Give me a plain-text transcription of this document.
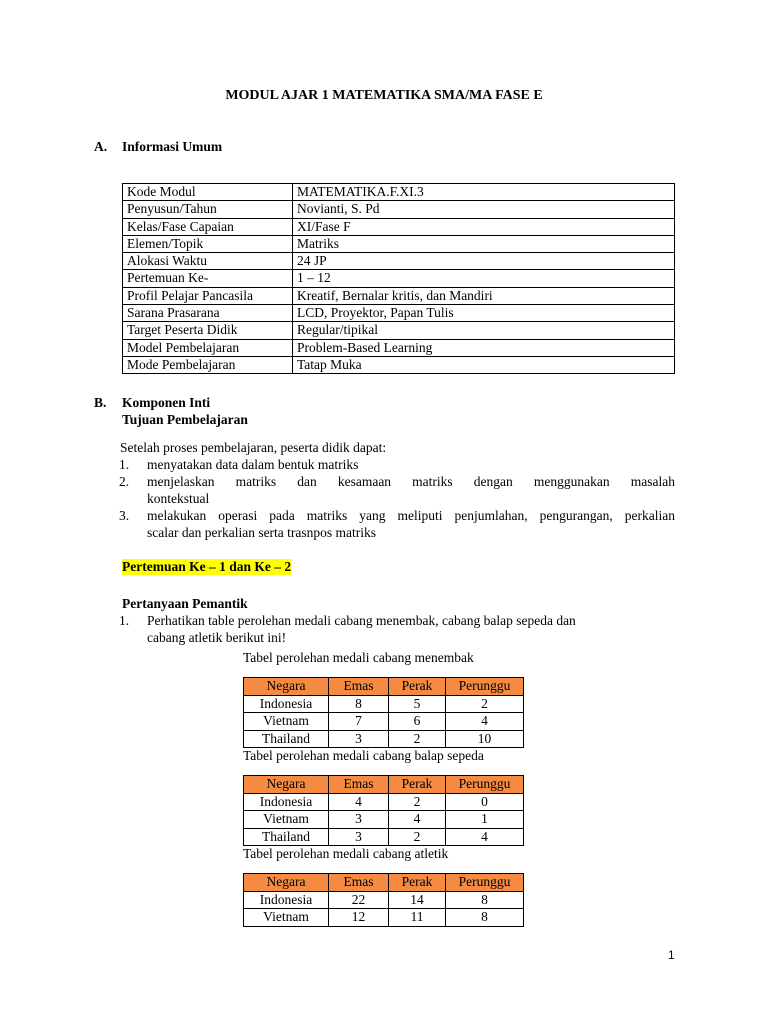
MODUL AJAR 1 MATEMATIKA SMA/MA FASE E
A. Informasi Umum
Kode Modul	MATEMATIKA.F.XI.3
Penyusun/Tahun	Novianti, S. Pd
Kelas/Fase Capaian	XI/Fase F
Elemen/Topik	Matriks
Alokasi Waktu	24 JP
Pertemuan Ke-	1 – 12
Profil Pelajar Pancasila	Kreatif, Bernalar kritis, dan Mandiri
Sarana Prasarana	LCD, Proyektor, Papan Tulis
Target Peserta Didik	Regular/tipikal
Model Pembelajaran	Problem-Based Learning
Mode Pembelajaran	Tatap Muka
B. Komponen Inti
Tujuan Pembelajaran
Setelah proses pembelajaran, peserta didik dapat:
1. menyatakan data dalam bentuk matriks
2. menjelaskan matriks dan kesamaan matriks dengan menggunakan masalah
kontekstual
3. melakukan operasi pada matriks yang meliputi penjumlahan, pengurangan, perkalian
scalar dan perkalian serta trasnpos matriks
Pertemuan Ke – 1 dan Ke – 2
Pertanyaan Pemantik
1. Perhatikan table perolehan medali cabang menembak, cabang balap sepeda dan
cabang atletik berikut ini!
Tabel perolehan medali cabang menembak
Negara	Emas	Perak	Perunggu
Indonesia	8	5	2
Vietnam	7	6	4
Thailand	3	2	10
Tabel perolehan medali cabang balap sepeda
Negara	Emas	Perak	Perunggu
Indonesia	4	2	0
Vietnam	3	4	1
Thailand	3	2	4
Tabel perolehan medali cabang atletik
Negara	Emas	Perak	Perunggu
Indonesia	22	14	8
Vietnam	12	11	8
1
